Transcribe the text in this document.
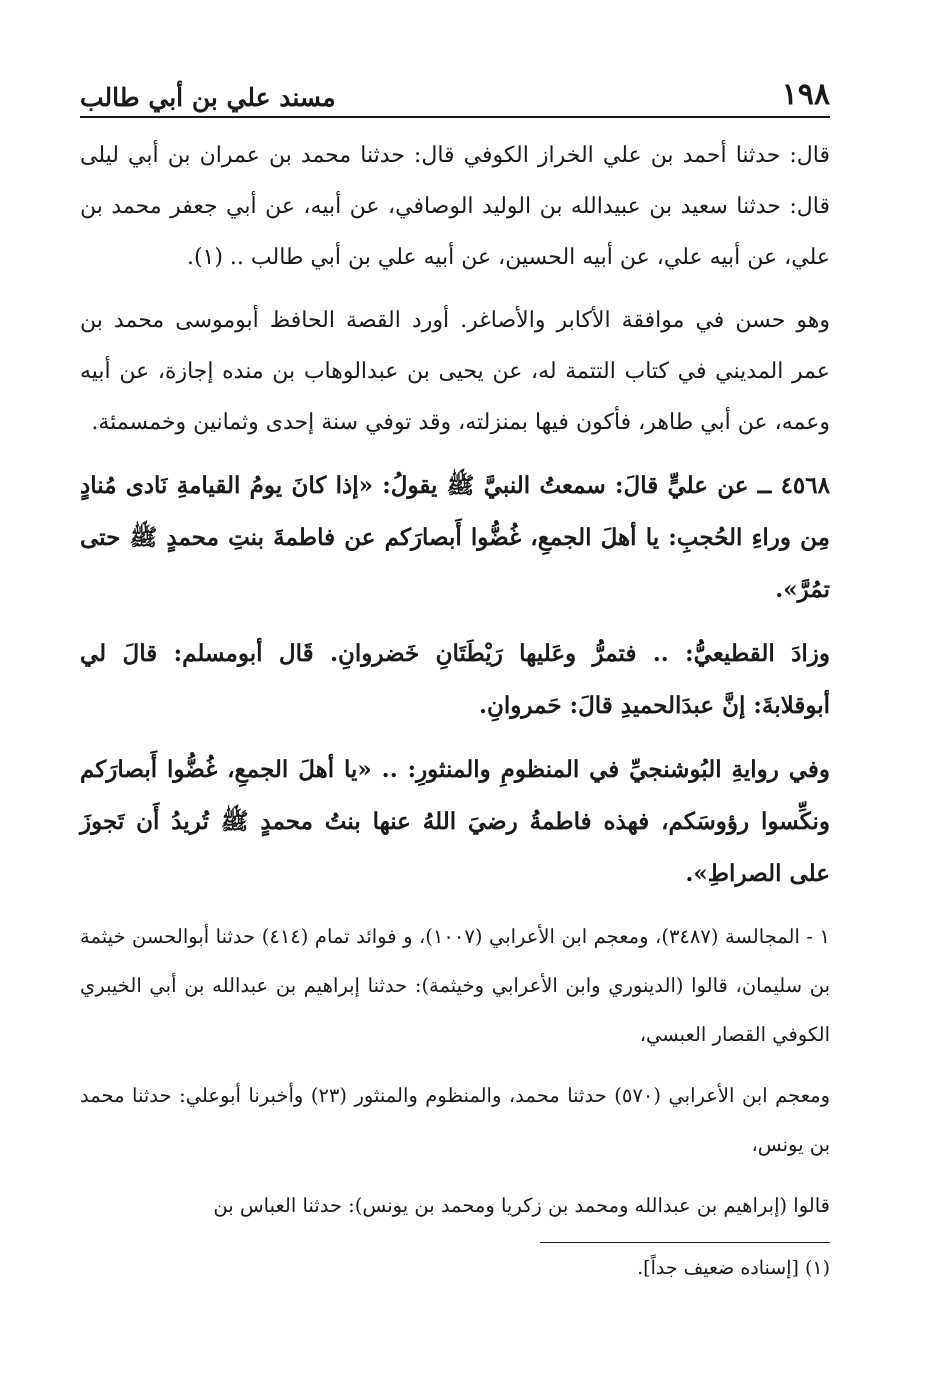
١٩٨
مسند علي بن أبي طالب

قال: حدثنا أحمد بن علي الخراز الكوفي قال: حدثنا محمد بن عمران بن أبي ليلى قال: حدثنا سعيد بن عبيدالله بن الوليد الوصافي، عن أبيه، عن أبي جعفر محمد بن علي، عن أبيه علي، عن أبيه الحسين، عن أبيه علي بن أبي طالب .. (١).

وهو حسن في موافقة الأكابر والأصاغر. أورد القصة الحافظ أبوموسى محمد بن عمر المديني في كتاب التتمة له، عن يحيى بن عبدالوهاب بن منده إجازة، عن أبيه وعمه، عن أبي طاهر، فأكون فيها بمنزلته، وقد توفي سنة إحدى وثمانين وخمسمئة.

٤٥٦٨ ــ عن عليٍّ قالَ: سمعتُ النبيَّ ﷺ يقولُ: «إذا كانَ يومُ القيامةِ نَادى مُنادٍ مِن وراءِ الحُجبِ: يا أهلَ الجمعِ، غُضُّوا أَبصارَكم عن فاطمةَ بنتِ محمدٍ ﷺ حتى تمُرَّ».

وزادَ القطيعيُّ: .. فتمرُّ وعَليها رَيْطَتَانِ خَضروانِ. قَال أبومسلم: قالَ لي أبوقلابةَ: إنَّ عبدَالحميدِ قالَ: حَمروانِ.

وفي روايةِ البُوشنجيِّ في المنظومِ والمنثورِ: .. «يا أهلَ الجمعِ، غُضُّوا أَبصارَكم ونكِّسوا رؤوسَكم، فهذه فاطمةُ رضيَ اللهُ عنها بنتُ محمدٍ ﷺ تُريدُ أَن تَجوزَ على الصراطِ».

١ - المجالسة (٣٤٨٧)، ومعجم ابن الأعرابي (١٠٠٧)، و فوائد تمام (٤١٤) حدثنا أبوالحسن خيثمة بن سليمان، قالوا (الدينوري وابن الأعرابي وخيثمة): حدثنا إبراهيم بن عبدالله بن أبي الخيبري الكوفي القصار العبسي،

ومعجم ابن الأعرابي (٥٧٠) حدثنا محمد، والمنظوم والمنثور (٢٣) وأخبرنا أبوعلي: حدثنا محمد بن يونس،

قالوا (إبراهيم بن عبدالله ومحمد بن زكريا ومحمد بن يونس): حدثنا العباس بن

(١) [إسناده ضعيف جداً].
